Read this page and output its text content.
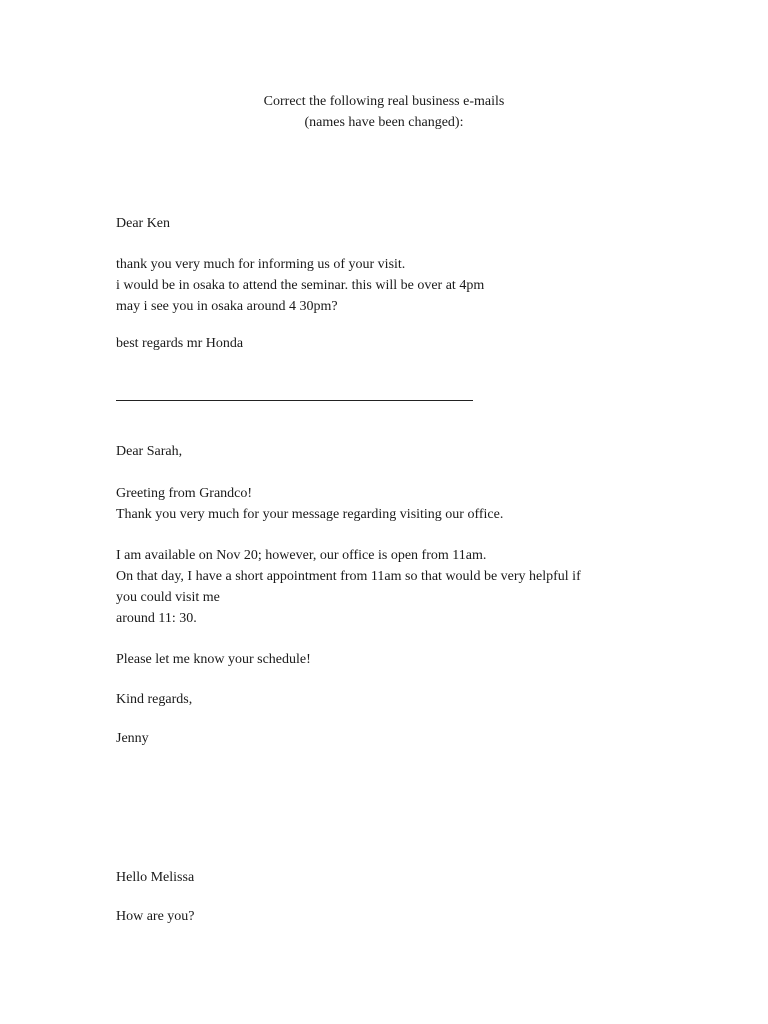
Correct the following real business e-mails
(names have been changed):
Dear Ken
thank you very much for informing us of your visit.
i would be in osaka to attend the seminar. this will be over at 4pm
may i see you in osaka around 4 30pm?
best regards mr Honda
Dear Sarah,
Greeting from Grandco!
Thank you very much for your message regarding visiting our office.
I am available on Nov 20; however, our office is open from 11am.
On that day, I have a short appointment from 11am so that would be very helpful if
you could visit me
around 11: 30.
Please let me know your schedule!
Kind regards,
Jenny
Hello Melissa
How are you?
